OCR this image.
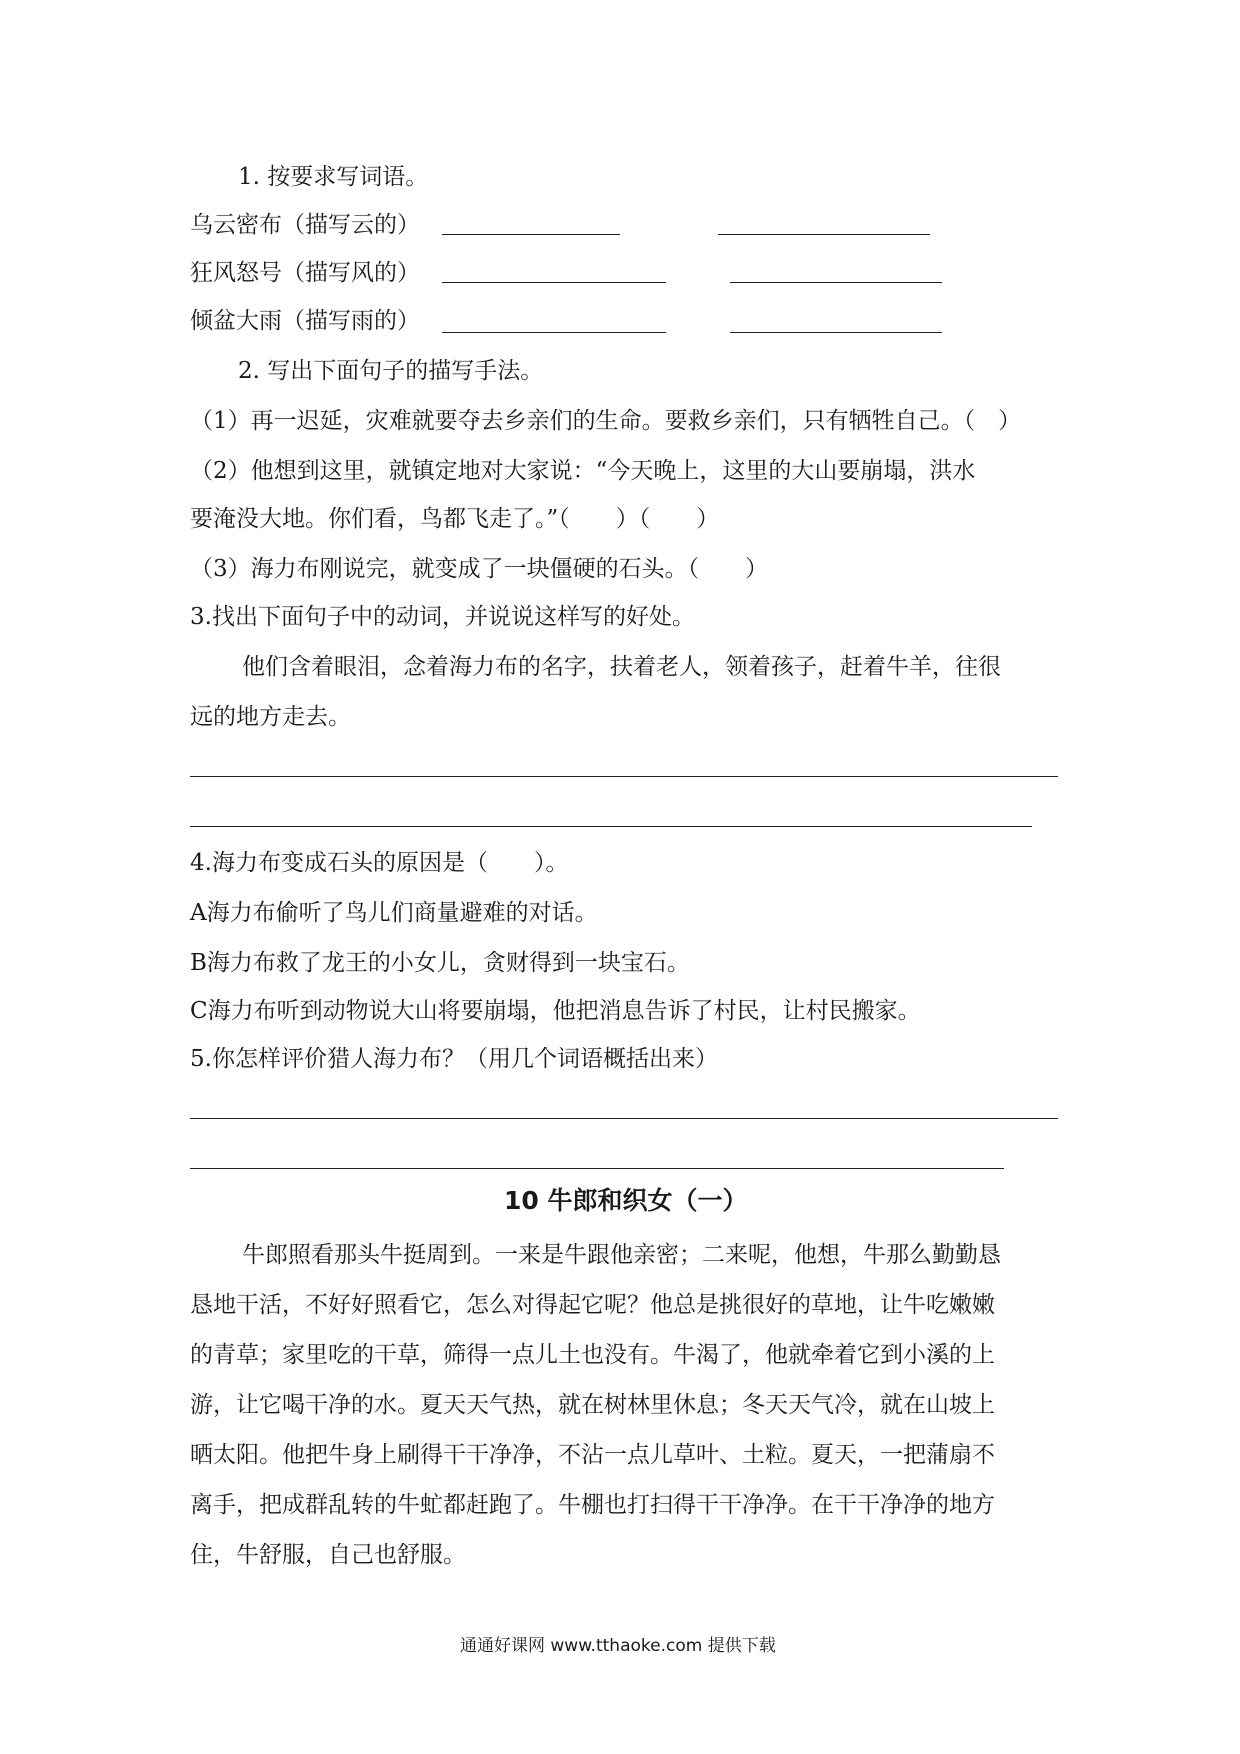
1. 按要求写词语。
乌云密布（描写云的）
狂风怒号（描写风的）
倾盆大雨（描写雨的）
2. 写出下面句子的描写手法。
（1）再一迟延，灾难就要夺去乡亲们的生命。要救乡亲们，只有牺牲自己。（　）
（2）他想到这里，就镇定地对大家说：“今天晚上，这里的大山要崩塌，洪水
要淹没大地。你们看，鸟都飞走了。”（　　）（　　）
（3）海力布刚说完，就变成了一块僵硬的石头。（　　）
3.找出下面句子中的动词，并说说这样写的好处。
他们含着眼泪，念着海力布的名字，扶着老人，领着孩子，赶着牛羊，往很
远的地方走去。
4.海力布变成石头的原因是（　　）。
A海力布偷听了鸟儿们商量避难的对话。
B海力布救了龙王的小女儿，贪财得到一块宝石。
C海力布听到动物说大山将要崩塌，他把消息告诉了村民，让村民搬家。
5.你怎样评价猎人海力布？（用几个词语概括出来）
10 牛郎和织女（一）
牛郎照看那头牛挺周到。一来是牛跟他亲密；二来呢，他想，牛那么勤勤恳
恳地干活，不好好照看它，怎么对得起它呢？他总是挑很好的草地，让牛吃嫩嫩
的青草；家里吃的干草，筛得一点儿土也没有。牛渴了，他就牵着它到小溪的上
游，让它喝干净的水。夏天天气热，就在树林里休息；冬天天气冷，就在山坡上
晒太阳。他把牛身上刷得干干净净，不沾一点儿草叶、土粒。夏天，一把蒲扇不
离手，把成群乱转的牛虻都赶跑了。牛棚也打扫得干干净净。在干干净净的地方
住，牛舒服，自己也舒服。
通通好课网 www.tthaoke.com 提供下载
